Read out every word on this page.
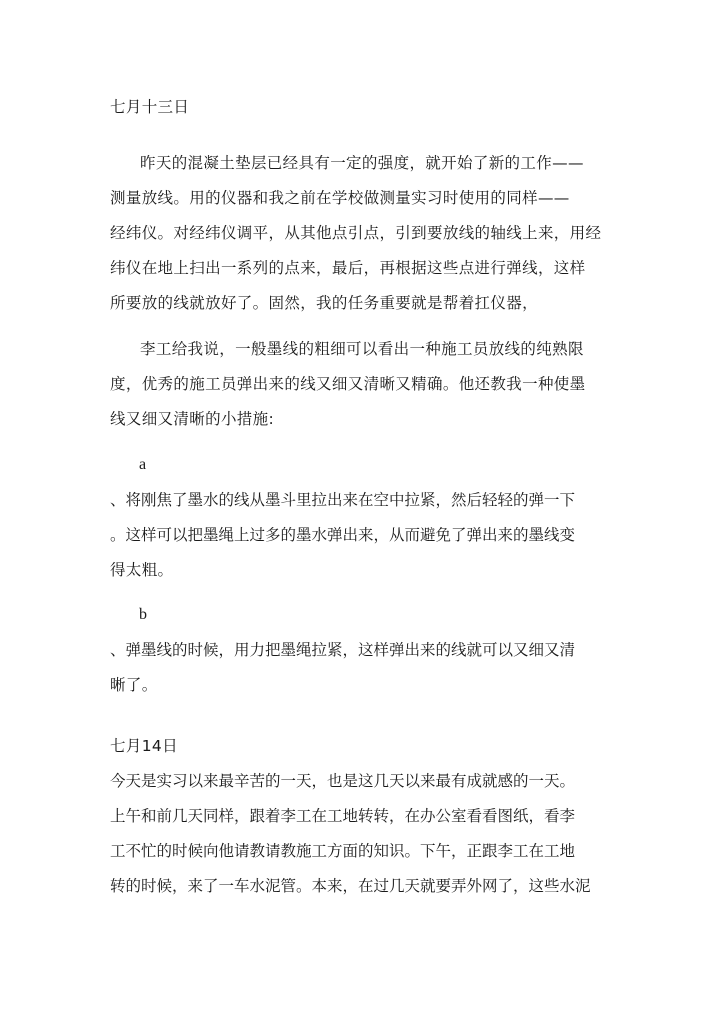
七月十三日
昨天的混凝土垫层已经具有一定的强度，就开始了新的工作——
测量放线。用的仪器和我之前在学校做测量实习时使用的同样——
经纬仪。对经纬仪调平，从其他点引点，引到要放线的轴线上来，用经
纬仪在地上扫出一系列的点来，最后，再根据这些点进行弹线，这样
所要放的线就放好了。固然，我的任务重要就是帮着扛仪器，
李工给我说，一般墨线的粗细可以看出一种施工员放线的纯熟限
度，优秀的施工员弹出来的线又细又清晰又精确。他还教我一种使墨
线又细又清晰的小措施:
a
、将刚焦了墨水的线从墨斗里拉出来在空中拉紧，然后轻轻的弹一下
。这样可以把墨绳上过多的墨水弹出来，从而避免了弹出来的墨线变
得太粗。
b
、弹墨线的时候，用力把墨绳拉紧，这样弹出来的线就可以又细又清
晰了。
七月14日
今天是实习以来最辛苦的一天，也是这几天以来最有成就感的一天。
上午和前几天同样，跟着李工在工地转转，在办公室看看图纸，看李
工不忙的时候向他请教请教施工方面的知识。下午，正跟李工在工地
转的时候，来了一车水泥管。本来，在过几天就要弄外网了，这些水泥
